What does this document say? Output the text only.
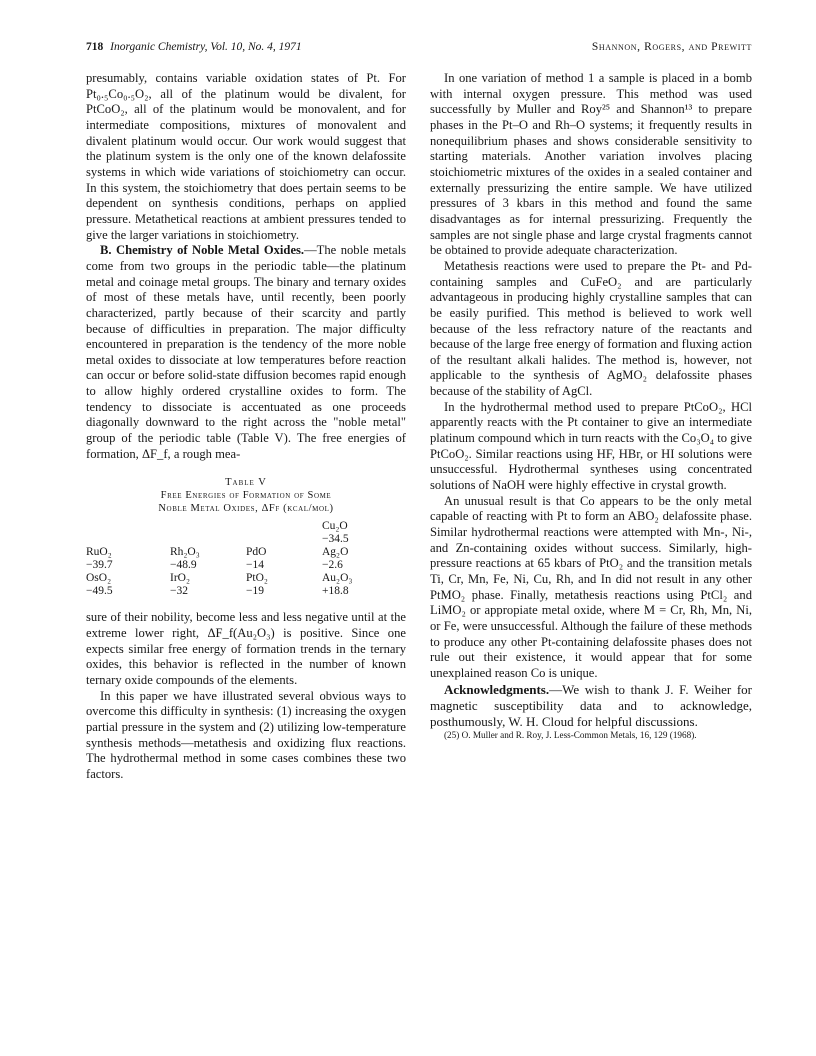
718 Inorganic Chemistry, Vol. 10, No. 4, 1971	Shannon, Rogers, and Prewitt

presumably, contains variable oxidation states of Pt. For Pt₀.₅Co₀.₅O₂, all of the platinum would be divalent, for PtCoO₂, all of the platinum would be monovalent, and for intermediate compositions, mixtures of monovalent and divalent platinum would occur. Our work would suggest that the platinum system is the only one of the known delafossite systems in which wide variations of stoichiometry can occur. In this system, the stoichiometry that does pertain seems to be dependent on synthesis conditions, perhaps on applied pressure. Metathetical reactions at ambient pressures tended to give the larger variations in stoichiometry.

B. Chemistry of Noble Metal Oxides.—The noble metals come from two groups in the periodic table—the platinum metal and coinage metal groups. The binary and ternary oxides of most of these metals have, until recently, been poorly characterized, partly because of their scarcity and partly because of difficulties in preparation. The major difficulty encountered in preparation is the tendency of the more noble metal oxides to dissociate at low temperatures before reaction can occur or before solid-state diffusion becomes rapid enough to allow highly ordered crystalline oxides to form. The tendency to dissociate is accentuated as one proceeds diagonally downward to the right across the "noble metal" group of the periodic table (Table V). The free energies of formation, ΔF_f, a rough mea-

Table V
Free Energies of Formation of Some
Noble Metal Oxides, ΔFf (kcal/mol)
			Cu₂O
			−34.5
RuO₂	Rh₂O₃	PdO	Ag₂O
−39.7	−48.9	−14	−2.6
OsO₂	IrO₂	PtO₂	Au₂O₃
−49.5	−32	−19	+18.8

sure of their nobility, become less and less negative until at the extreme lower right, ΔF_f(Au₂O₃) is positive. Since one expects similar free energy of formation trends in the ternary oxides, this behavior is reflected in the number of known ternary oxide compounds of the elements.

In this paper we have illustrated several obvious ways to overcome this difficulty in synthesis: (1) increasing the oxygen partial pressure in the system and (2) utilizing low-temperature synthesis methods—metathesis and oxidizing flux reactions. The hydrothermal method in some cases combines these two factors.

In one variation of method 1 a sample is placed in a bomb with internal oxygen pressure. This method was used successfully by Muller and Roy²⁵ and Shannon¹³ to prepare phases in the Pt–O and Rh–O systems; it frequently results in nonequilibrium phases and shows considerable sensitivity to starting materials. Another variation involves placing stoichiometric mixtures of the oxides in a sealed container and externally pressurizing the entire sample. We have utilized pressures of 3 kbars in this method and found the same disadvantages as for internal pressurizing. Frequently the samples are not single phase and large crystal fragments cannot be obtained to provide adequate characterization.

Metathesis reactions were used to prepare the Pt- and Pd-containing samples and CuFeO₂ and are particularly advantageous in producing highly crystalline samples that can be easily purified. This method is believed to work well because of the less refractory nature of the reactants and because of the large free energy of formation and fluxing action of the resultant alkali halides. The method is, however, not applicable to the synthesis of AgMO₂ delafossite phases because of the stability of AgCl.

In the hydrothermal method used to prepare PtCoO₂, HCl apparently reacts with the Pt container to give an intermediate platinum compound which in turn reacts with the Co₃O₄ to give PtCoO₂. Similar reactions using HF, HBr, or HI solutions were unsuccessful. Hydrothermal syntheses using concentrated solutions of NaOH were highly effective in crystal growth.

An unusual result is that Co appears to be the only metal capable of reacting with Pt to form an ABO₂ delafossite phase. Similar hydrothermal reactions were attempted with Mn-, Ni-, and Zn-containing oxides without success. Similarly, high-pressure reactions at 65 kbars of PtO₂ and the transition metals Ti, Cr, Mn, Fe, Ni, Cu, Rh, and In did not result in any other PtMO₂ phase. Finally, metathesis reactions using PtCl₂ and LiMO₂ or appropiate metal oxide, where M = Cr, Rh, Mn, Ni, or Fe, were unsuccessful. Although the failure of these methods to produce any other Pt-containing delafossite phases does not rule out their existence, it would appear that for some unexplained reason Co is unique.

Acknowledgments.—We wish to thank J. F. Weiher for magnetic susceptibility data and to acknowledge, posthumously, W. H. Cloud for helpful discussions.

(25) O. Muller and R. Roy, J. Less-Common Metals, 16, 129 (1968).
